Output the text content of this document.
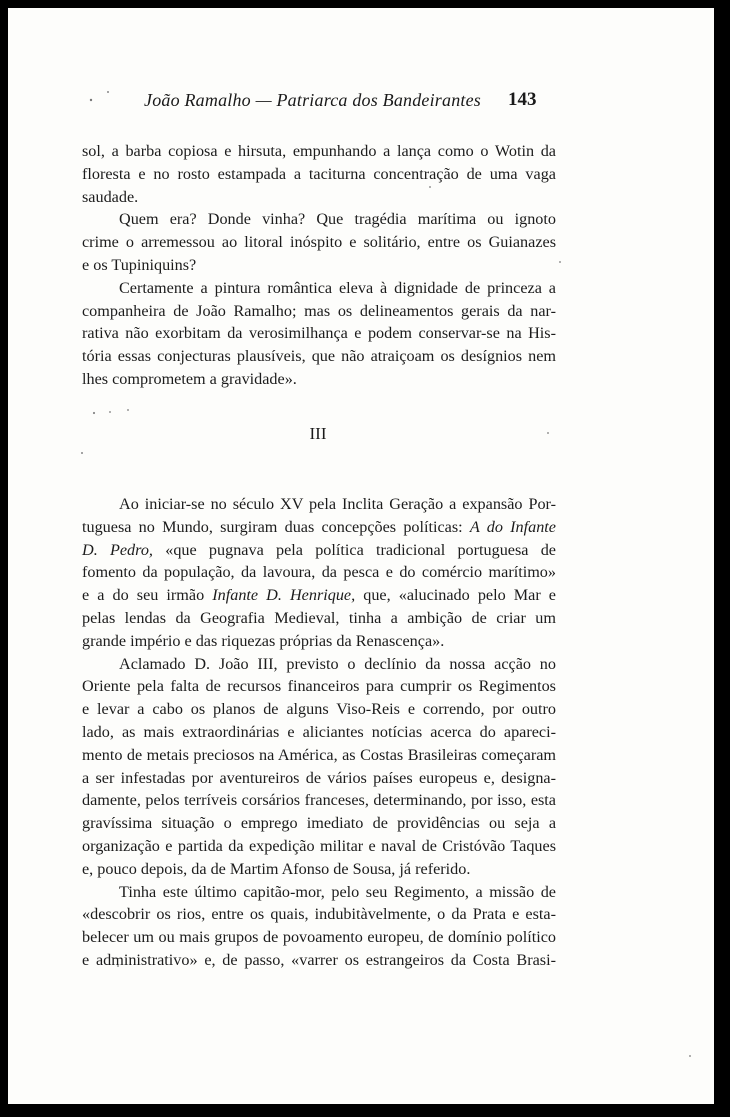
João Ramalho — Patriarca dos Bandeirantes 143
sol, a barba copiosa e hirsuta, empunhando a lança como o Wotin da
floresta e no rosto estampada a taciturna concentração de uma vaga
saudade.
Quem era? Donde vinha? Que tragédia marítima ou ignoto
crime o arremessou ao litoral inóspito e solitário, entre os Guianazes
e os Tupiniquins?
Certamente a pintura romântica eleva à dignidade de princeza a
companheira de João Ramalho; mas os delineamentos gerais da nar-
rativa não exorbitam da verosimilhança e podem conservar-se na His-
tória essas conjecturas plausíveis, que não atraiçoam os desígnios nem
lhes comprometem a gravidade».
III
Ao iniciar-se no século XV pela Inclita Geração a expansão Por-
tuguesa no Mundo, surgiram duas concepções políticas: A do Infante
D. Pedro, «que pugnava pela política tradicional portuguesa de
fomento da população, da lavoura, da pesca e do comércio marítimo»
e a do seu irmão Infante D. Henrique, que, «alucinado pelo Mar e
pelas lendas da Geografia Medieval, tinha a ambição de criar um
grande império e das riquezas próprias da Renascença».
Aclamado D. João III, previsto o declínio da nossa acção no
Oriente pela falta de recursos financeiros para cumprir os Regimentos
e levar a cabo os planos de alguns Viso-Reis e correndo, por outro
lado, as mais extraordinárias e aliciantes notícias acerca do apareci-
mento de metais preciosos na América, as Costas Brasileiras começaram
a ser infestadas por aventureiros de vários países europeus e, designa-
damente, pelos terríveis corsários franceses, determinando, por isso, esta
gravíssima situação o emprego imediato de providências ou seja a
organização e partida da expedição militar e naval de Cristóvão Taques
e, pouco depois, da de Martim Afonso de Sousa, já referido.
Tinha este último capitão-mor, pelo seu Regimento, a missão de
«descobrir os rios, entre os quais, indubitàvelmente, o da Prata e esta-
belecer um ou mais grupos de povoamento europeu, de domínio político
e administrativo» e, de passo, «varrer os estrangeiros da Costa Brasi-
